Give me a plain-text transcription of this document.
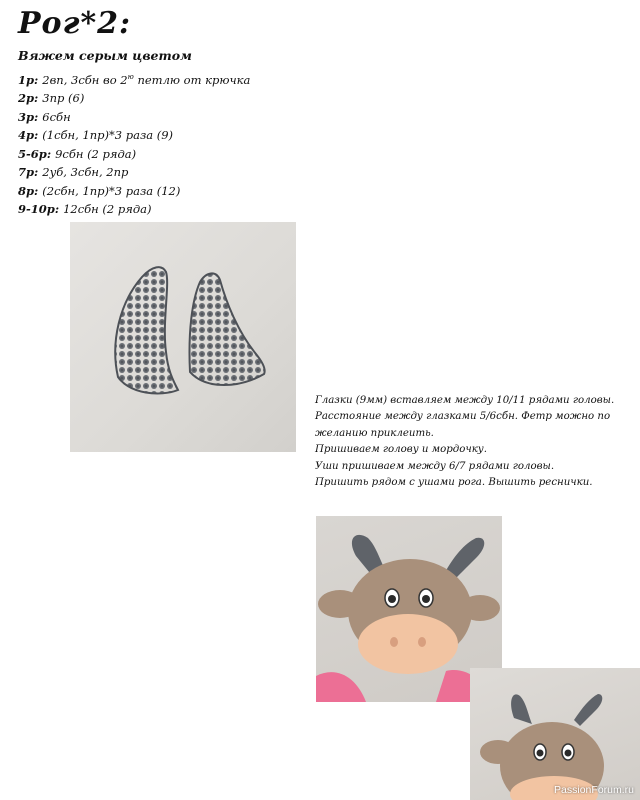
Рог*2:
Вяжем серым цветом
1р: 2вп, 3сбн во $2^ю$ петлю от крючка
2р: 3пр (6)
3р: 6сбн
4р: (1сбн, 1пр)*3 раза (9)
5-6р: 9сбн (2 ряда)
7р: 2уб, 3сбн, 2пр
8р: (2сбн, 1пр)*3 раза (12)
9-10р: 12сбн (2 ряда)

Глазки (9мм) вставляем между 10/11 рядами головы. Расстояние между глазками 5/6сбн. Фетр можно по желанию приклеить.

Пришиваем голову и мордочку.

Уши пришиваем между 6/7 рядами головы.

Пришить рядом с ушами рога. Вышить реснички.

PassionForum.ru
